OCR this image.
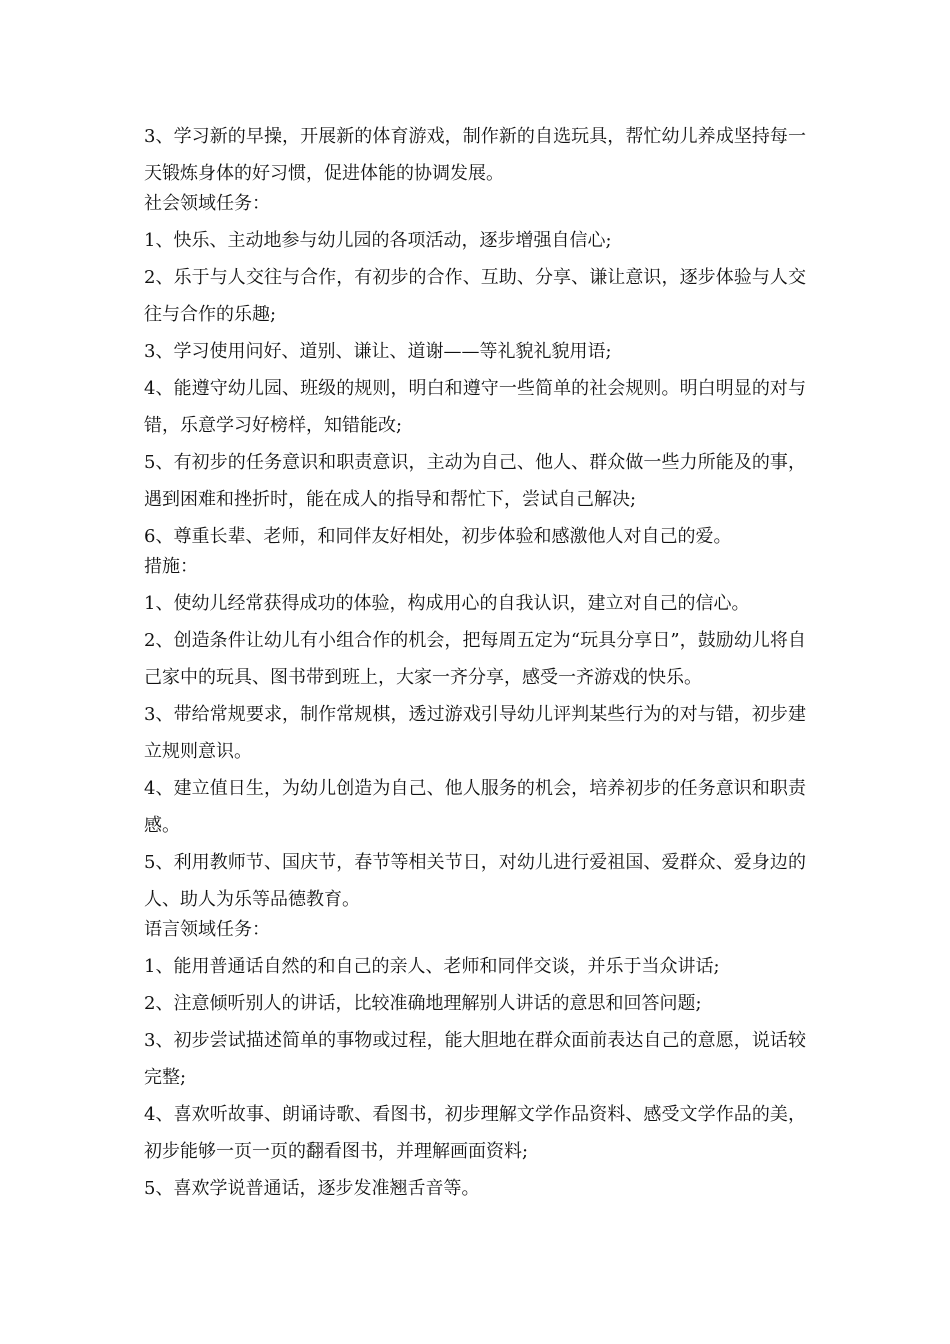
3、学习新的早操，开展新的体育游戏，制作新的自选玩具，帮忙幼儿养成坚持每一天锻炼身体的好习惯，促进体能的协调发展。

社会领域任务：

1、快乐、主动地参与幼儿园的各项活动，逐步增强自信心;

2、乐于与人交往与合作，有初步的合作、互助、分享、谦让意识，逐步体验与人交往与合作的乐趣;

3、学习使用问好、道别、谦让、道谢——等礼貌礼貌用语;

4、能遵守幼儿园、班级的规则，明白和遵守一些简单的社会规则。明白明显的对与错，乐意学习好榜样，知错能改;

5、有初步的任务意识和职责意识，主动为自己、他人、群众做一些力所能及的事，遇到困难和挫折时，能在成人的指导和帮忙下，尝试自己解决;

6、尊重长辈、老师，和同伴友好相处，初步体验和感激他人对自己的爱。

措施：

1、使幼儿经常获得成功的体验，构成用心的自我认识，建立对自己的信心。

2、创造条件让幼儿有小组合作的机会，把每周五定为“玩具分享日”，鼓励幼儿将自己家中的玩具、图书带到班上，大家一齐分享，感受一齐游戏的快乐。

3、带给常规要求，制作常规棋，透过游戏引导幼儿评判某些行为的对与错，初步建立规则意识。

4、建立值日生，为幼儿创造为自己、他人服务的机会，培养初步的任务意识和职责感。

5、利用教师节、国庆节，春节等相关节日，对幼儿进行爱祖国、爱群众、爱身边的人、助人为乐等品德教育。

语言领域任务：

1、能用普通话自然的和自己的亲人、老师和同伴交谈，并乐于当众讲话;

2、注意倾听别人的讲话，比较准确地理解别人讲话的意思和回答问题;

3、初步尝试描述简单的事物或过程，能大胆地在群众面前表达自己的意愿，说话较完整;

4、喜欢听故事、朗诵诗歌、看图书，初步理解文学作品资料、感受文学作品的美，初步能够一页一页的翻看图书，并理解画面资料;

5、喜欢学说普通话，逐步发准翘舌音等。
